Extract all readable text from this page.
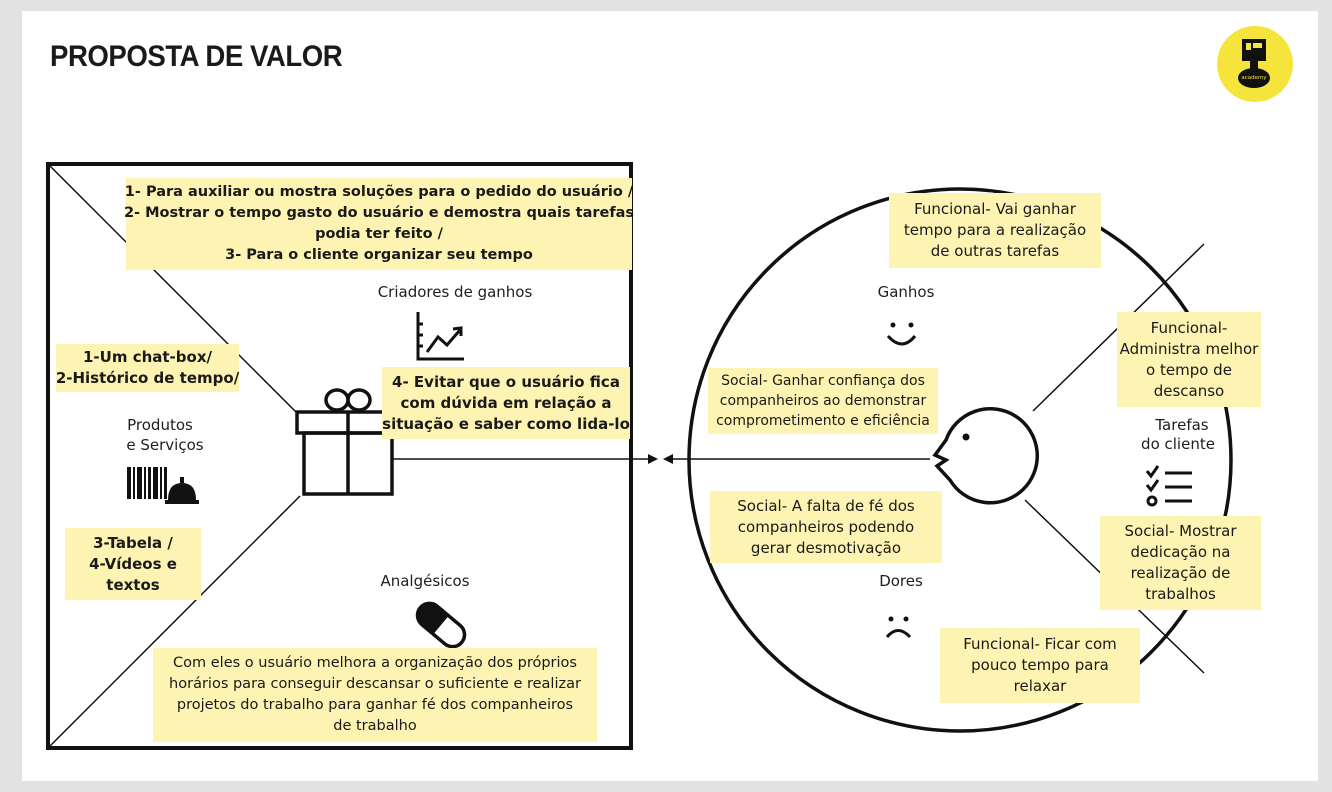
PROPOSTA DE VALOR
academy
Criadores de ganhos
Produtos
e Serviços
Analgésicos
Ganhos
Dores
Tarefas
do cliente
1- Para auxiliar ou mostra soluções para o pedido do usuário /
2- Mostrar o tempo gasto do usuário e demostra quais tarefas
podia ter feito /
3- Para o cliente organizar seu tempo
1-Um chat-box/
2-Histórico de tempo/	4- Evitar que o usuário fica
com dúvida em relação a
situação e saber como lida-lo
3-Tabela /
4-Vídeos e
textos
Com eles o usuário melhora a organização dos próprios
horários para conseguir descansar o suficiente e realizar
projetos do trabalho para ganhar fé dos companheiros
de trabalho
Funcional- Vai ganhar
tempo para a realização
de outras tarefas
Social- Ganhar confiança dos
companheiros ao demonstrar
comprometimento e eficiência
Social- A falta de fé dos
companheiros podendo
gerar desmotivação
Funcional- Ficar com
pouco tempo para
relaxar
Funcional-
Administra melhor
o tempo de
descanso
Social- Mostrar
dedicação na
realização de
trabalhos
